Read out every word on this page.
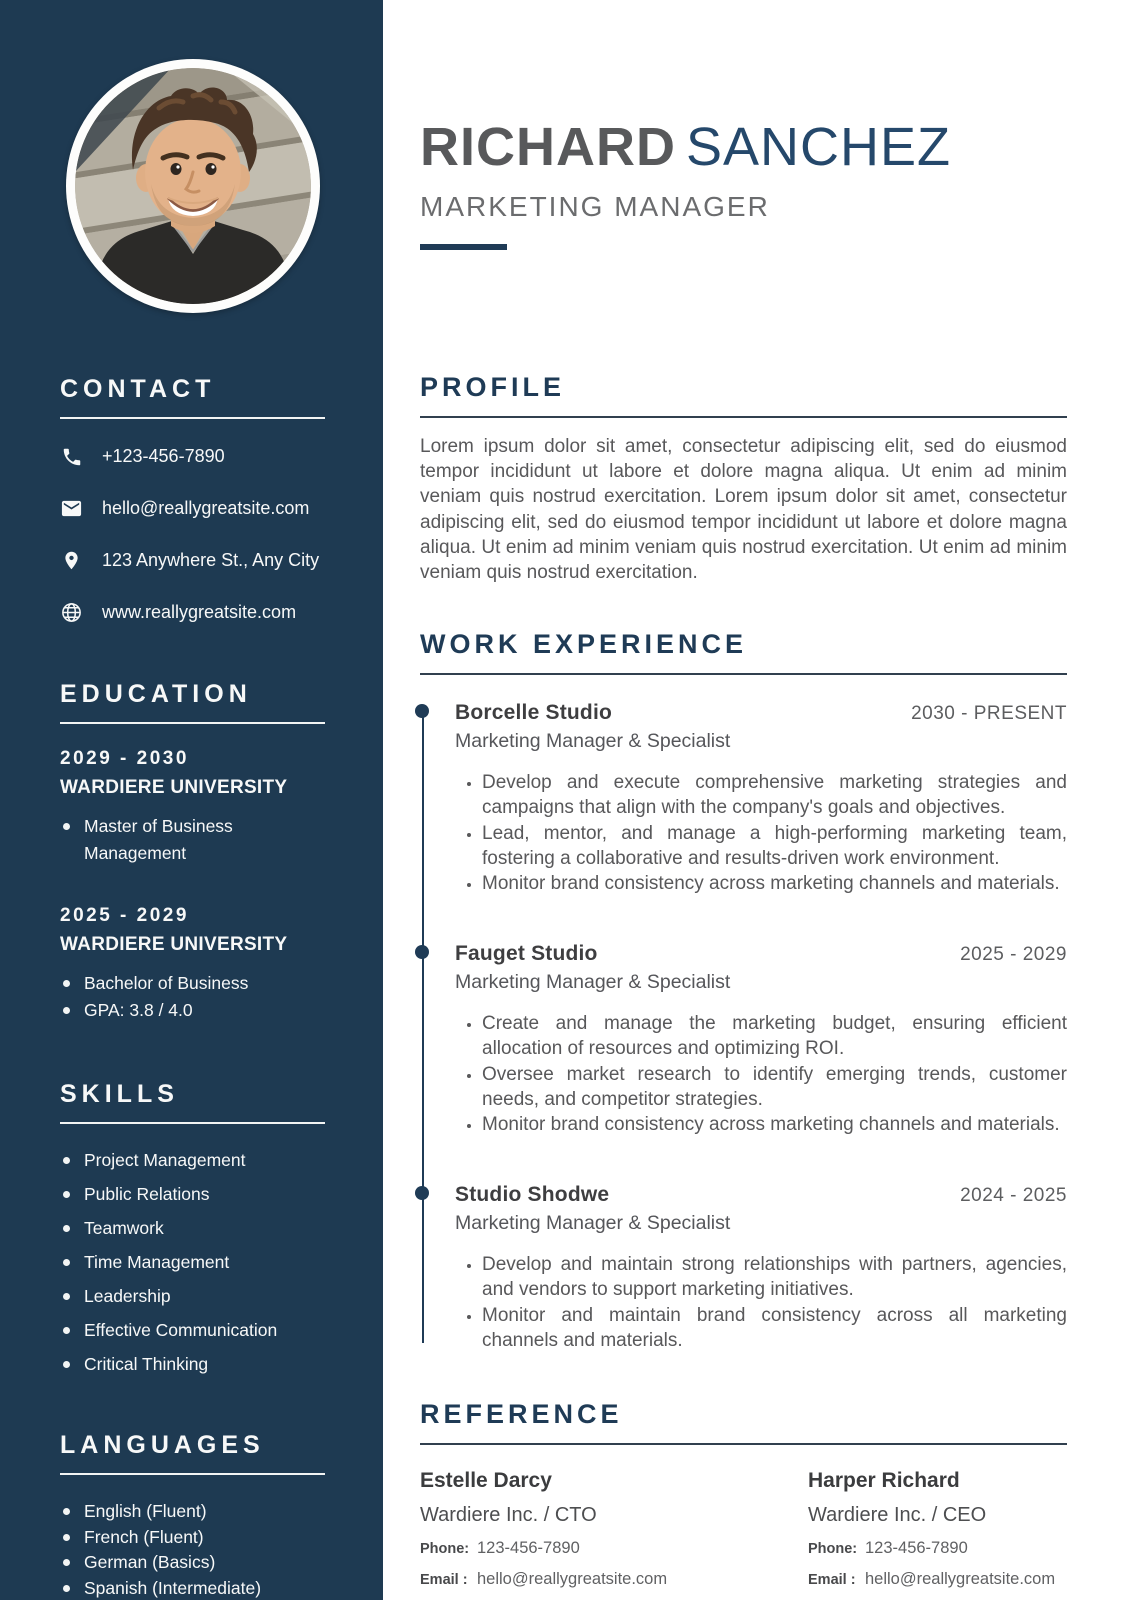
CONTACT
+123-456-7890
hello@reallygreatsite.com
123 Anywhere St., Any City
www.reallygreatsite.com
EDUCATION
2029 - 2030
WARDIERE UNIVERSITY
Master of Business Management
2025 - 2029
WARDIERE UNIVERSITY
Bachelor of Business
GPA: 3.8 / 4.0
SKILLS
Project Management
Public Relations
Teamwork
Time Management
Leadership
Effective Communication
Critical Thinking
LANGUAGES
English (Fluent)
French (Fluent)
German (Basics)
Spanish (Intermediate)
RICHARD SANCHEZ
MARKETING MANAGER
PROFILE

Lorem ipsum dolor sit amet, consectetur adipiscing elit, sed do eiusmod tempor incididunt ut labore et dolore magna aliqua. Ut enim ad minim veniam quis nostrud exercitation. Lorem ipsum dolor sit amet, consectetur adipiscing elit, sed do eiusmod tempor incididunt ut labore et dolore magna aliqua. Ut enim ad minim veniam quis nostrud exercitation. Ut enim ad minim veniam quis nostrud exercitation.

WORK EXPERIENCE
Borcelle Studio	2030 - PRESENT
Marketing Manager & Specialist
• Develop and execute comprehensive marketing strategies and campaigns that align with the company's goals and objectives.
• Lead, mentor, and manage a high-performing marketing team, fostering a collaborative and results-driven work environment.
• Monitor brand consistency across marketing channels and materials.
Fauget Studio	2025 - 2029
Marketing Manager & Specialist
• Create and manage the marketing budget, ensuring efficient allocation of resources and optimizing ROI.
• Oversee market research to identify emerging trends, customer needs, and competitor strategies.
• Monitor brand consistency across marketing channels and materials.
Studio Shodwe	2024 - 2025
Marketing Manager & Specialist
• Develop and maintain strong relationships with partners, agencies, and vendors to support marketing initiatives.
• Monitor and maintain brand consistency across all marketing channels and materials.
REFERENCE
Estelle Darcy
Wardiere Inc. / CTO
Phone: 123-456-7890
Email : hello@reallygreatsite.com
Harper Richard
Wardiere Inc. / CEO
Phone: 123-456-7890
Email : hello@reallygreatsite.com
